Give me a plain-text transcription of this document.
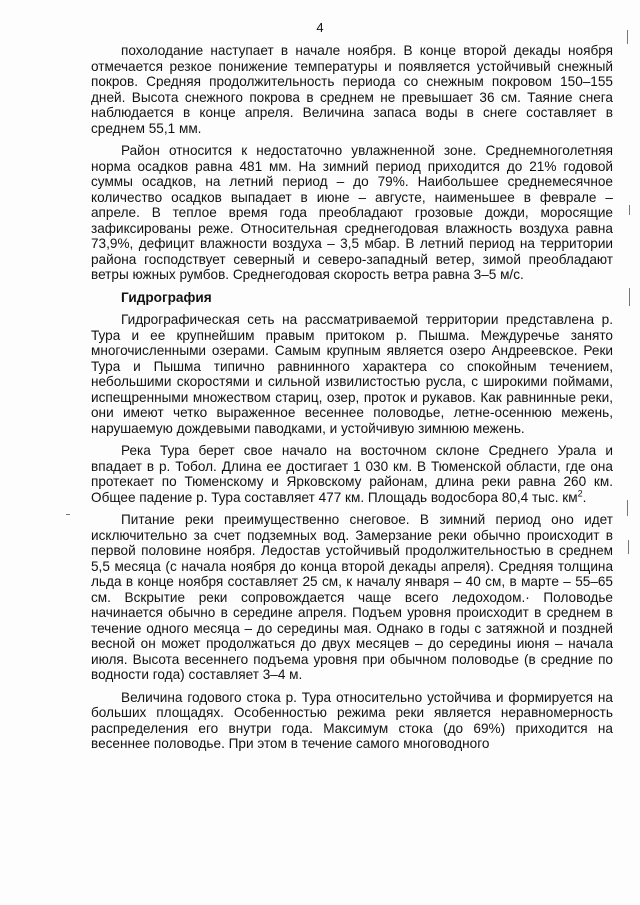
4

похолодание наступает в начале ноября. В конце второй декады ноября отмечается резкое понижение температуры и появляется устойчивый снежный покров. Средняя продолжительность периода со снежным покровом 150–155 дней. Высота снежного покрова в среднем не превышает 36 см. Таяние снега наблюдается в конце апреля. Величина запаса воды в снеге составляет в среднем 55,1 мм.

Район относится к недостаточно увлажненной зоне. Среднемноголетняя норма осадков равна 481 мм. На зимний период приходится до 21% годовой суммы осадков, на летний период – до 79%. Наибольшее среднемесячное количество осадков выпадает в июне – августе, наименьшее в феврале – апреле. В теплое время года преобладают грозовые дожди, моросящие зафиксированы реже. Относительная среднегодовая влажность воздуха равна 73,9%, дефицит влажности воздуха – 3,5 мбар. В летний период на территории района господствует северный и северо-западный ветер, зимой преобладают ветры южных румбов. Среднегодовая скорость ветра равна 3–5 м/с.

Гидрография

Гидрографическая сеть на рассматриваемой территории представлена р. Тура и ее крупнейшим правым притоком р. Пышма. Междуречье занято многочисленными озерами. Самым крупным является озеро Андреевское. Реки Тура и Пышма типично равнинного характера со спокойным течением, небольшими скоростями и сильной извилистостью русла, с широкими поймами, испещренными множеством стариц, озер, проток и рукавов. Как равнинные реки, они имеют четко выраженное весеннее половодье, летне-осеннюю межень, нарушаемую дождевыми паводками, и устойчивую зимнюю межень.

Река Тура берет свое начало на восточном склоне Среднего Урала и впадает в р. Тобол. Длина ее достигает 1 030 км. В Тюменской области, где она протекает по Тюменскому и Ярковскому районам, длина реки равна 260 км. Общее падение р. Тура составляет 477 км. Площадь водосбора 80,4 тыс. $км^2$.

Питание реки преимущественно снеговое. В зимний период оно идет исключительно за счет подземных вод. Замерзание реки обычно происходит в первой половине ноября. Ледостав устойчивый продолжительностью в среднем 5,5 месяца (с начала ноября до конца второй декады апреля). Средняя толщина льда в конце ноября составляет 25 см, к началу января – 40 см, в марте – 55–65 см. Вскрытие реки сопровождается чаще всего ледоходом.· Половодье начинается обычно в середине апреля. Подъем уровня происходит в среднем в течение одного месяца – до середины мая. Однако в годы с затяжной и поздней весной он может продолжаться до двух месяцев – до середины июня – начала июля. Высота весеннего подъема уровня при обычном половодье (в средние по водности года) составляет 3–4 м.

Величина годового стока р. Тура относительно устойчива и формируется на больших площадях. Особенностью режима реки является неравномерность распределения его внутри года. Максимум стока (до 69%) приходится на весеннее половодье. При этом в течение самого многоводного
